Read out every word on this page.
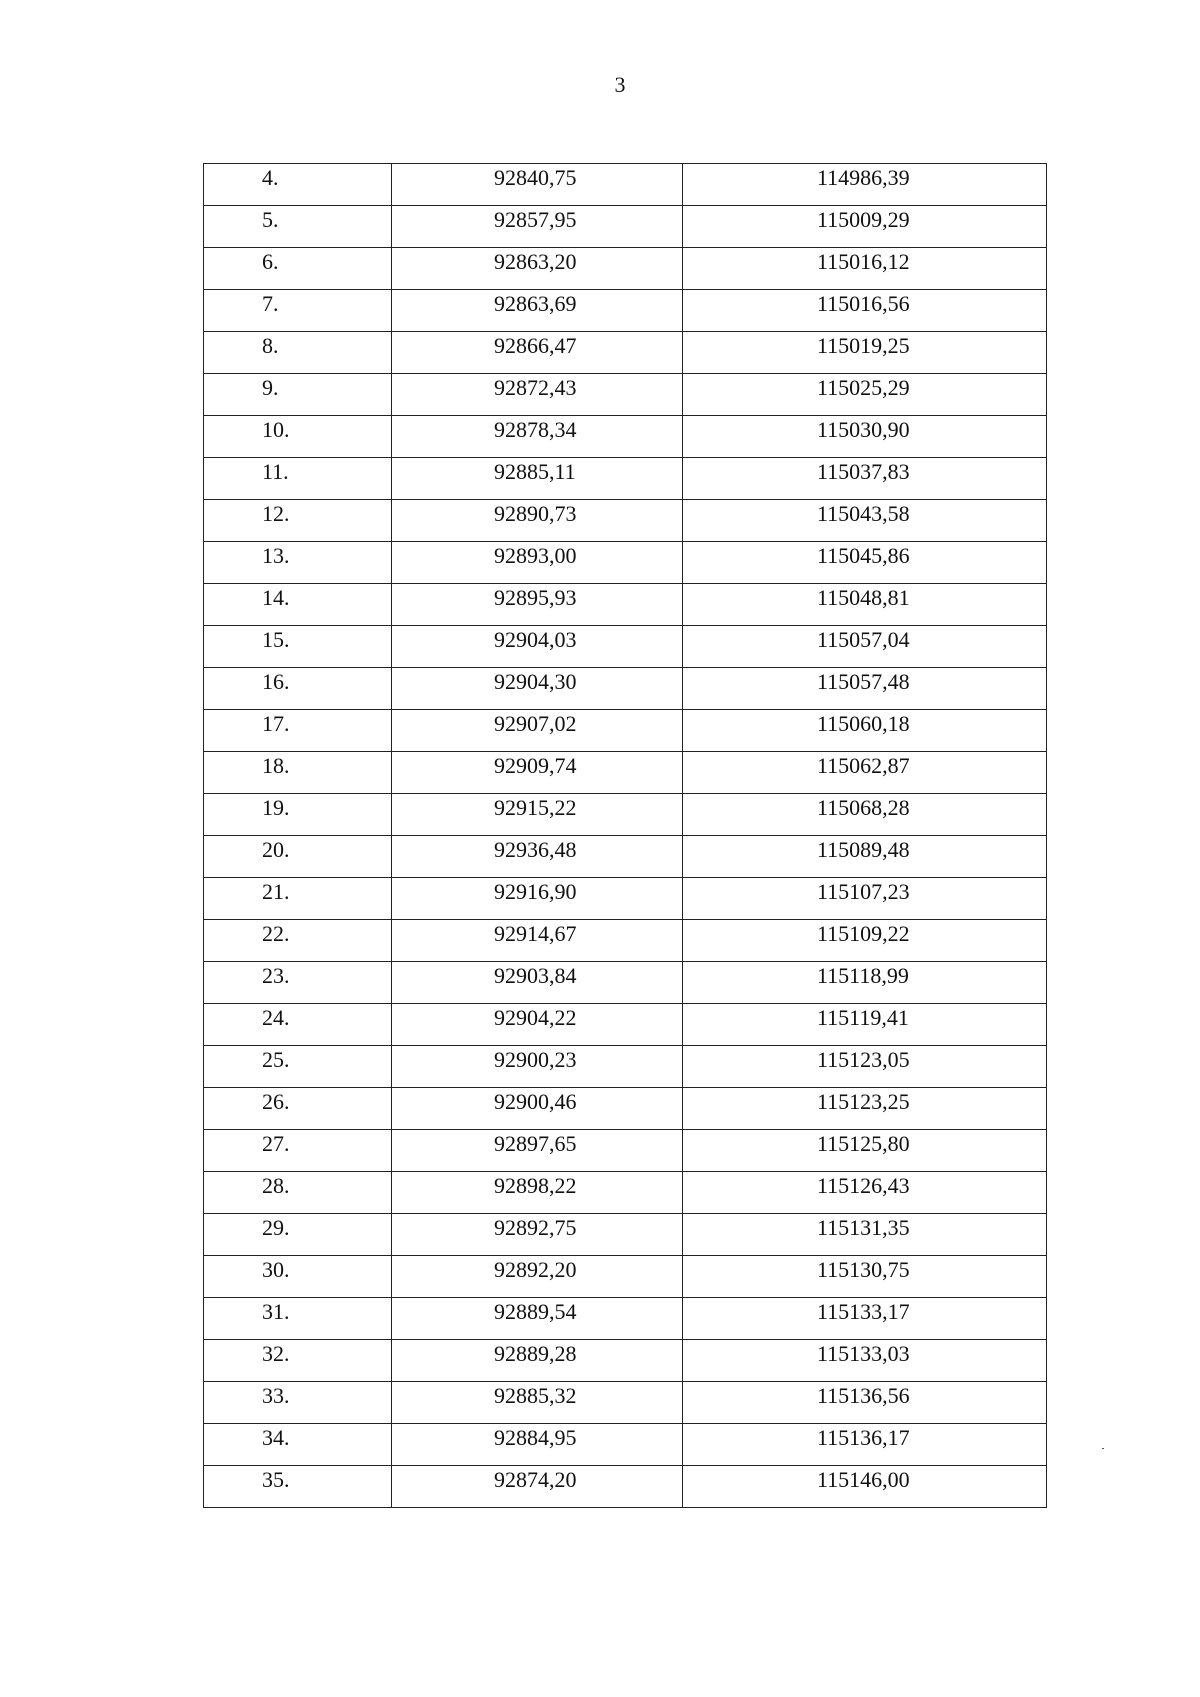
3
4.	92840,75	114986,39
5.	92857,95	115009,29
6.	92863,20	115016,12
7.	92863,69	115016,56
8.	92866,47	115019,25
9.	92872,43	115025,29
10.	92878,34	115030,90
11.	92885,11	115037,83
12.	92890,73	115043,58
13.	92893,00	115045,86
14.	92895,93	115048,81
15.	92904,03	115057,04
16.	92904,30	115057,48
17.	92907,02	115060,18
18.	92909,74	115062,87
19.	92915,22	115068,28
20.	92936,48	115089,48
21.	92916,90	115107,23
22.	92914,67	115109,22
23.	92903,84	115118,99
24.	92904,22	115119,41
25.	92900,23	115123,05
26.	92900,46	115123,25
27.	92897,65	115125,80
28.	92898,22	115126,43
29.	92892,75	115131,35
30.	92892,20	115130,75
31.	92889,54	115133,17
32.	92889,28	115133,03
33.	92885,32	115136,56
34.	92884,95	115136,17
35.	92874,20	115146,00
